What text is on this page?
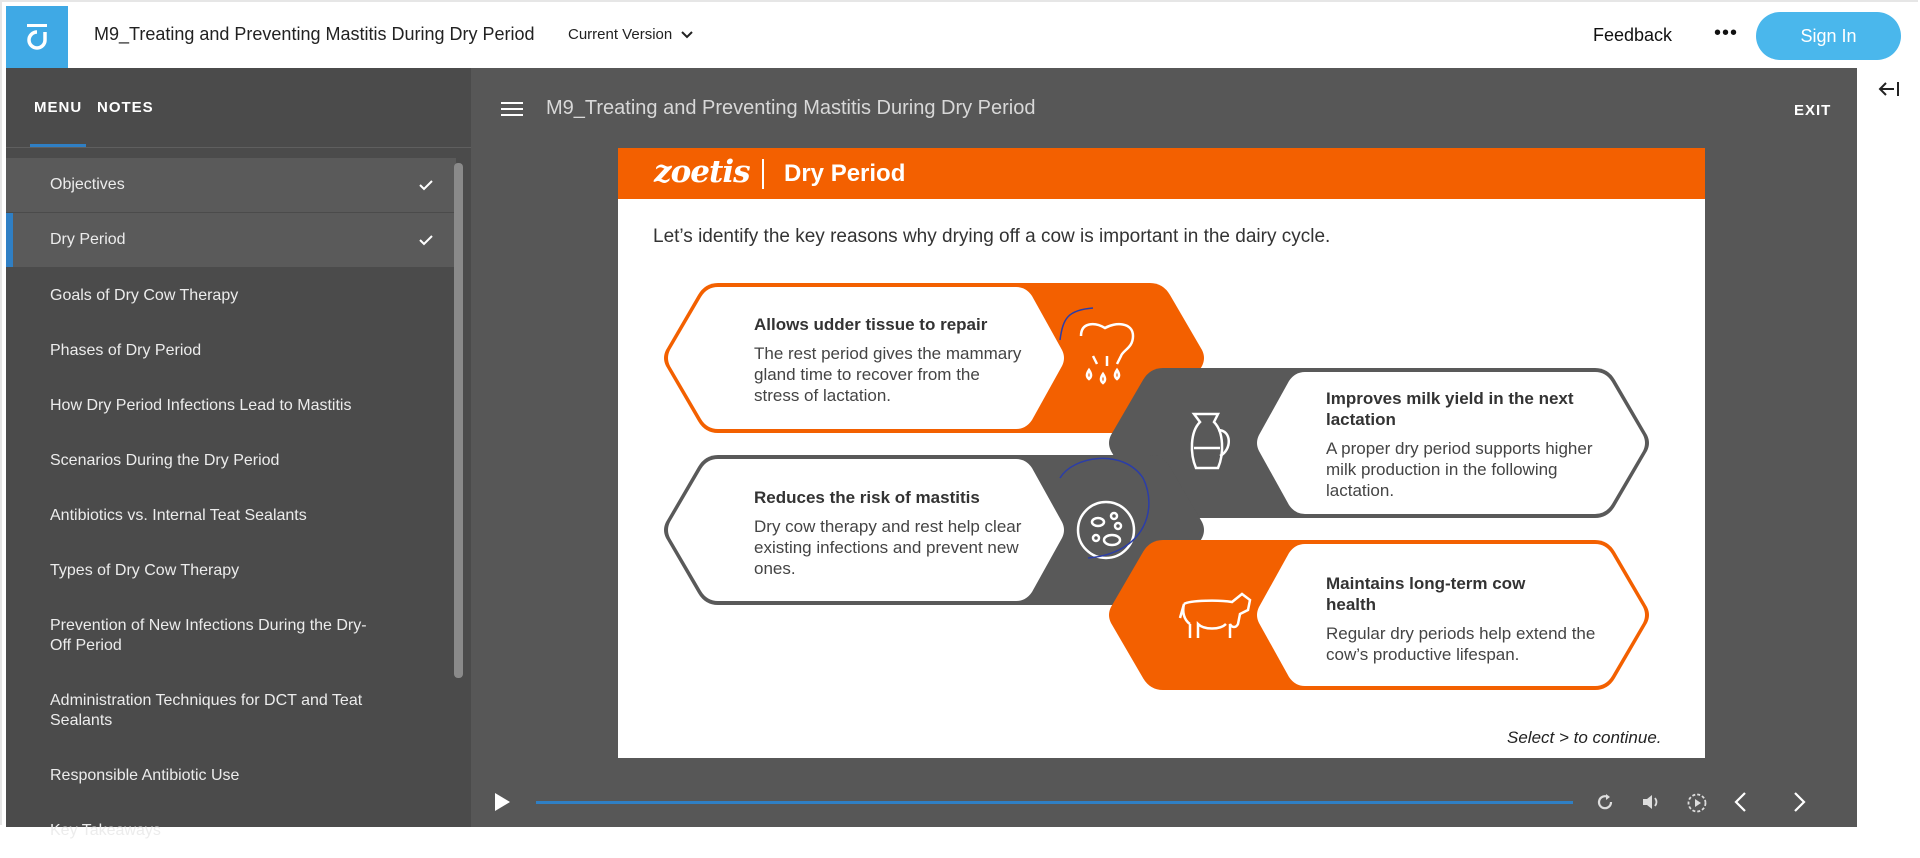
M9_Treating and Preventing Mastitis During Dry Period Current Version	Feedback •••	Sign In
MENU NOTES
Objectives
Dry Period
Goals of Dry Cow Therapy
Phases of Dry Period
How Dry Period Infections Lead to Mastitis
Scenarios During the Dry Period
Antibiotics vs. Internal Teat Sealants
Types of Dry Cow Therapy
Prevention of New Infections During the Dry-Off Period
Administration Techniques for DCT and Teat Sealants
Responsible Antibiotic Use
Key Takeaways
M9_Treating and Preventing Mastitis During Dry Period	EXIT
zoetis Dry Period
Let’s identify the key reasons why drying off a cow is important in the dairy cycle.
Allows udder tissue to repair
The rest period gives the mammary gland time to recover from the stress of lactation.	Improves milk yield in the next lactation
A proper dry period supports higher milk production in the following lactation.
Reduces the risk of mastitis
Dry cow therapy and rest help clear existing infections and prevent new ones.
Maintains long-term cow health
Regular dry periods help extend the cow’s productive lifespan.
Select > to continue.
